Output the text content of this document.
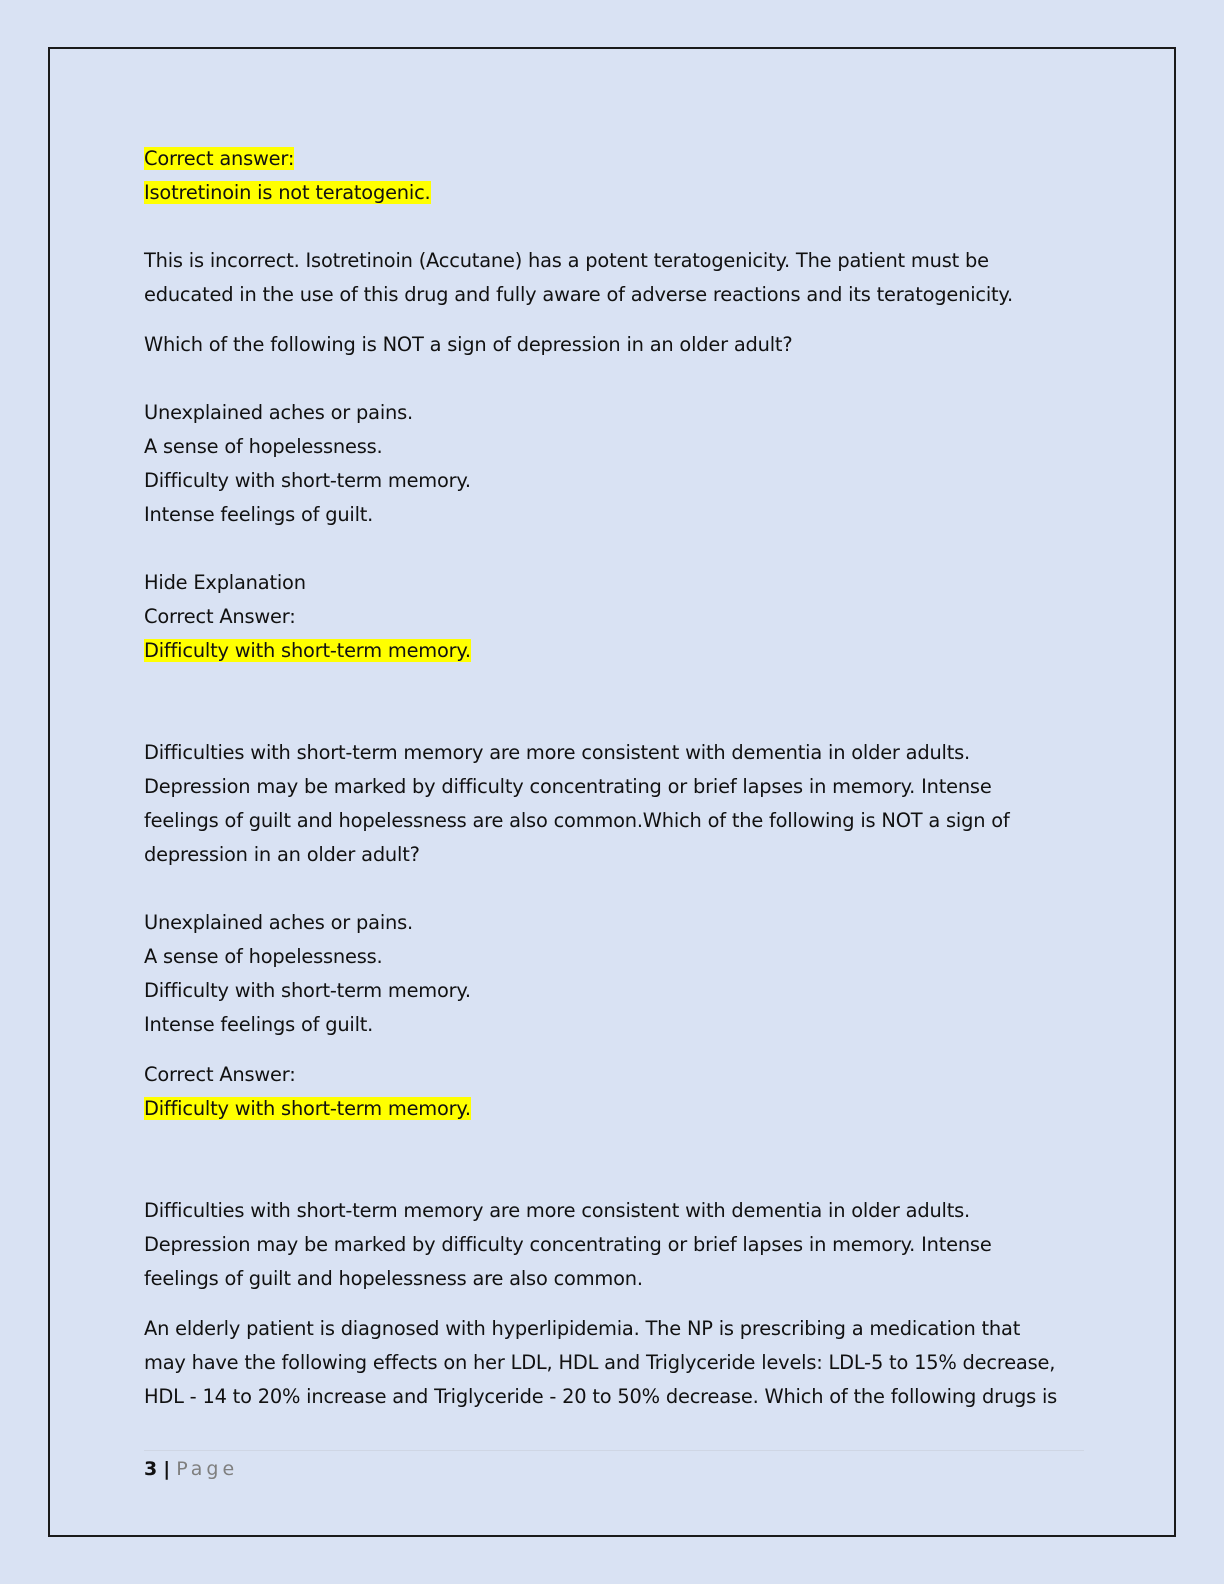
Correct answer:
Isotretinoin is not teratogenic.
This is incorrect. Isotretinoin (Accutane) has a potent teratogenicity. The patient must be
educated in the use of this drug and fully aware of adverse reactions and its teratogenicity.
Which of the following is NOT a sign of depression in an older adult?
Unexplained aches or pains.
A sense of hopelessness.
Difficulty with short-term memory.
Intense feelings of guilt.
Hide Explanation
Correct Answer:
Difficulty with short-term memory.
Difficulties with short-term memory are more consistent with dementia in older adults.
Depression may be marked by difficulty concentrating or brief lapses in memory. Intense
feelings of guilt and hopelessness are also common.Which of the following is NOT a sign of
depression in an older adult?
Unexplained aches or pains.
A sense of hopelessness.
Difficulty with short-term memory.
Intense feelings of guilt.
Correct Answer:
Difficulty with short-term memory.
Difficulties with short-term memory are more consistent with dementia in older adults.
Depression may be marked by difficulty concentrating or brief lapses in memory. Intense
feelings of guilt and hopelessness are also common.
An elderly patient is diagnosed with hyperlipidemia. The NP is prescribing a medication that
may have the following effects on her LDL, HDL and Triglyceride levels: LDL-5 to 15% decrease,
HDL - 14 to 20% increase and Triglyceride - 20 to 50% decrease. Which of the following drugs is
3 | Page
